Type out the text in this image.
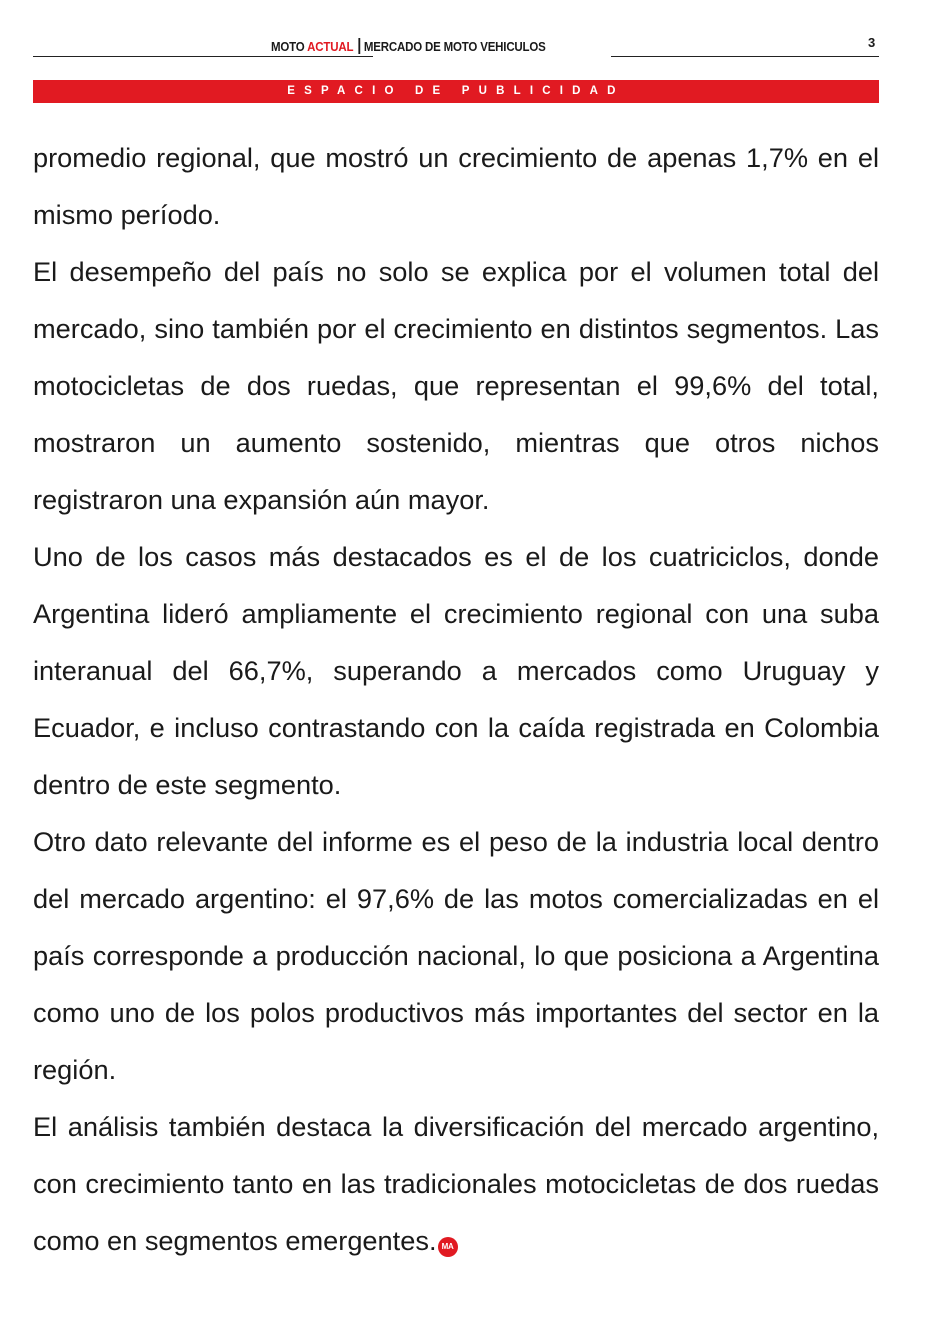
MOTO ACTUAL MERCADO DE MOTO VEHICULOS	3
ESPACIO DE PUBLICIDAD

promedio regional, que mostró un crecimiento de apenas 1,7% en el mismo período.

El desempeño del país no solo se explica por el volumen total del mercado, sino también por el crecimiento en distintos segmentos. Las motocicletas de dos ruedas, que representan el 99,6% del total, mostraron un aumento sostenido, mientras que otros nichos registraron una expansión aún mayor.

Uno de los casos más destacados es el de los cuatriciclos, donde Argentina lideró ampliamente el crecimiento regional con una suba interanual del 66,7%, superando a mercados como Uruguay y Ecuador, e incluso contrastando con la caída registrada en Colombia dentro de este segmento.

Otro dato relevante del informe es el peso de la industria local dentro del mercado argentino: el 97,6% de las motos comercializadas en el país corresponde a producción nacional, lo que posiciona a Argentina como uno de los polos productivos más importantes del sector en la región.

El análisis también destaca la diversificación del mercado argentino, con crecimiento tanto en las tradicionales motocicletas de dos ruedas como en segmentos emergentes. MA
